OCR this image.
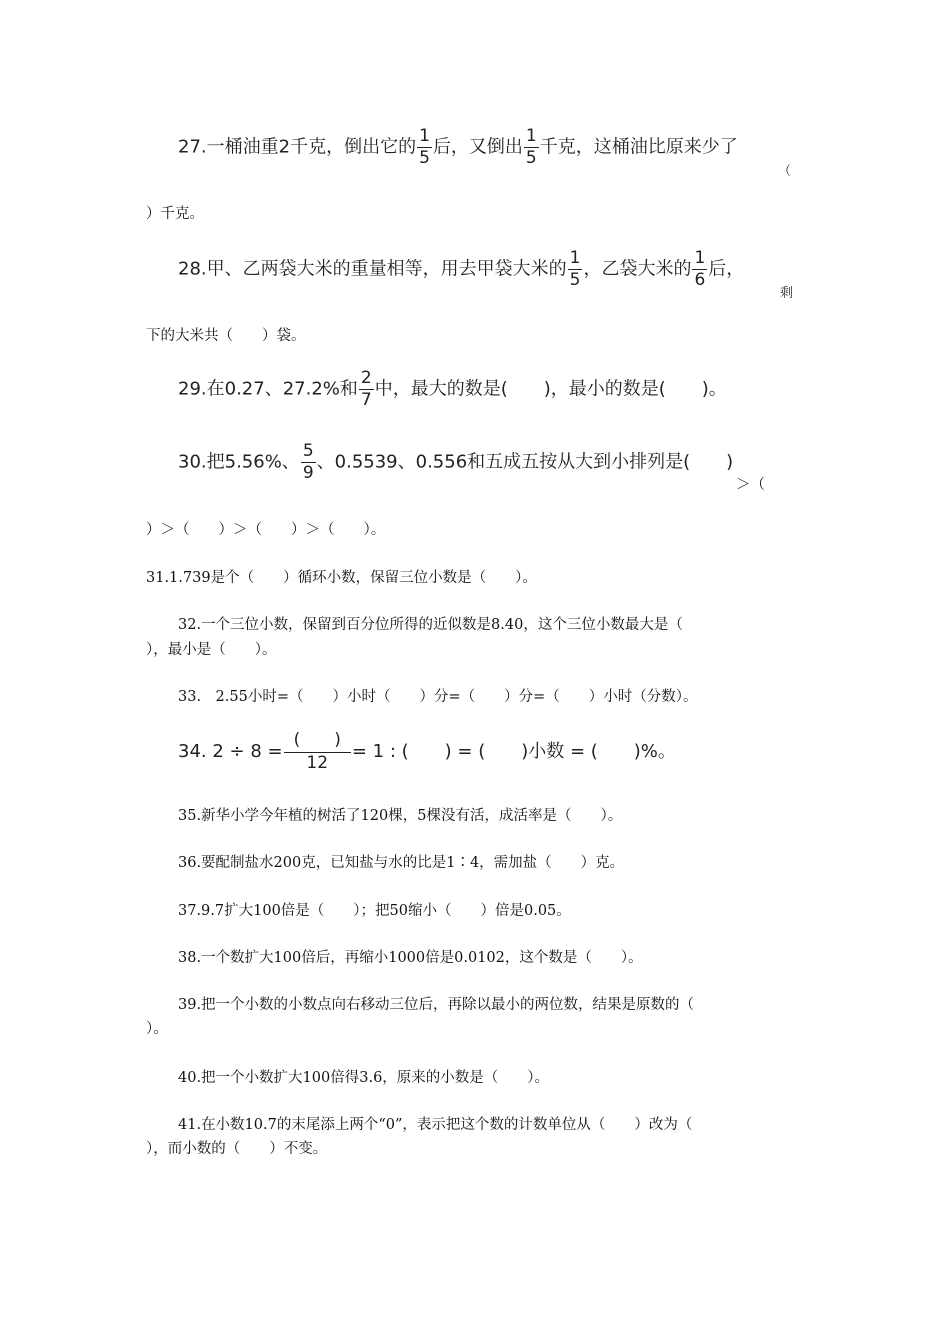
27.一桶油重2千克，倒出它的 $\frac{1}{5}$ 后，又倒出 $\frac{1}{5}$ 千克，这桶油比原来少了
（
）千克。
28.甲、乙两袋大米的重量相等，用去甲袋大米的 $\frac{1}{5}$ ，乙袋大米的 $\frac{1}{6}$ 后，
剩
下的大米共（　　）袋。
29.在0.27、27.2%和 $\frac{2}{7}$ 中，最大的数是(　　)，最小的数是(　　)。
30.把5.56%、 $\frac{5}{9}$ 、0.5539、0.556和五成五按从大到小排列是(　　)
＞（
）＞（　　）＞（　　）＞（　　）。
31.1.739是个（　　）循环小数，保留三位小数是（　　）。
32.一个三位小数，保留到百分位所得的近似数是8.40，这个三位小数最大是（
），最小是（　　）。
33.　2.55小时=（　　）小时（　　）分=（　　）分=（　　）小时（分数）。
34. $2 \div 8 = \frac{( )}{12} = 1$ : (　　) = (　　)小数 = (　　)%。
35.新华小学今年植的树活了120棵，5棵没有活，成活率是（　　）。
36.要配制盐水200克，已知盐与水的比是1∶4，需加盐（　　）克。
37.9.7扩大100倍是（　　）；把50缩小（　　）倍是0.05。
38.一个数扩大100倍后，再缩小1000倍是0.0102，这个数是（　　）。
39.把一个小数的小数点向右移动三位后，再除以最小的两位数，结果是原数的（
）。
40.把一个小数扩大100倍得3.6，原来的小数是（　　）。
41.在小数10.7的末尾添上两个“0”，表示把这个数的计数单位从（　　）改为（
），而小数的（　　）不变。
